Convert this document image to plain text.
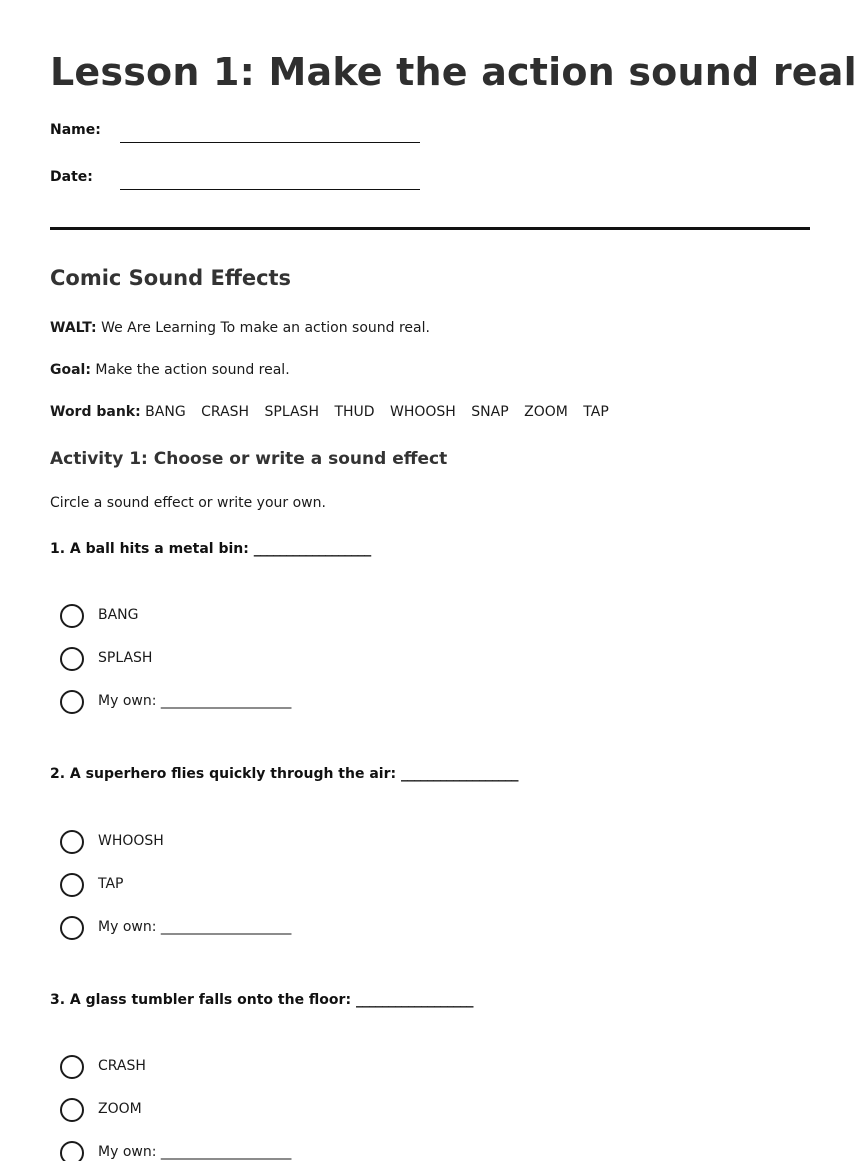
Lesson 1: Make the action sound real
Name:
Date:
Comic Sound Effects

WALT: We Are Learning To make an action sound real.

Goal: Make the action sound real.

Word bank: BANG CRASH SPLASH THUD WHOOSH SNAP ZOOM TAP

Activity 1: Choose or write a sound effect

Circle a sound effect or write your own.

1. A ball hits a metal bin: __________________

BANG
SPLASH
My own: ____________________

2. A superhero flies quickly through the air: __________________

WHOOSH
TAP
My own: ____________________

3. A glass tumbler falls onto the floor: __________________

CRASH
ZOOM
My own: ____________________
